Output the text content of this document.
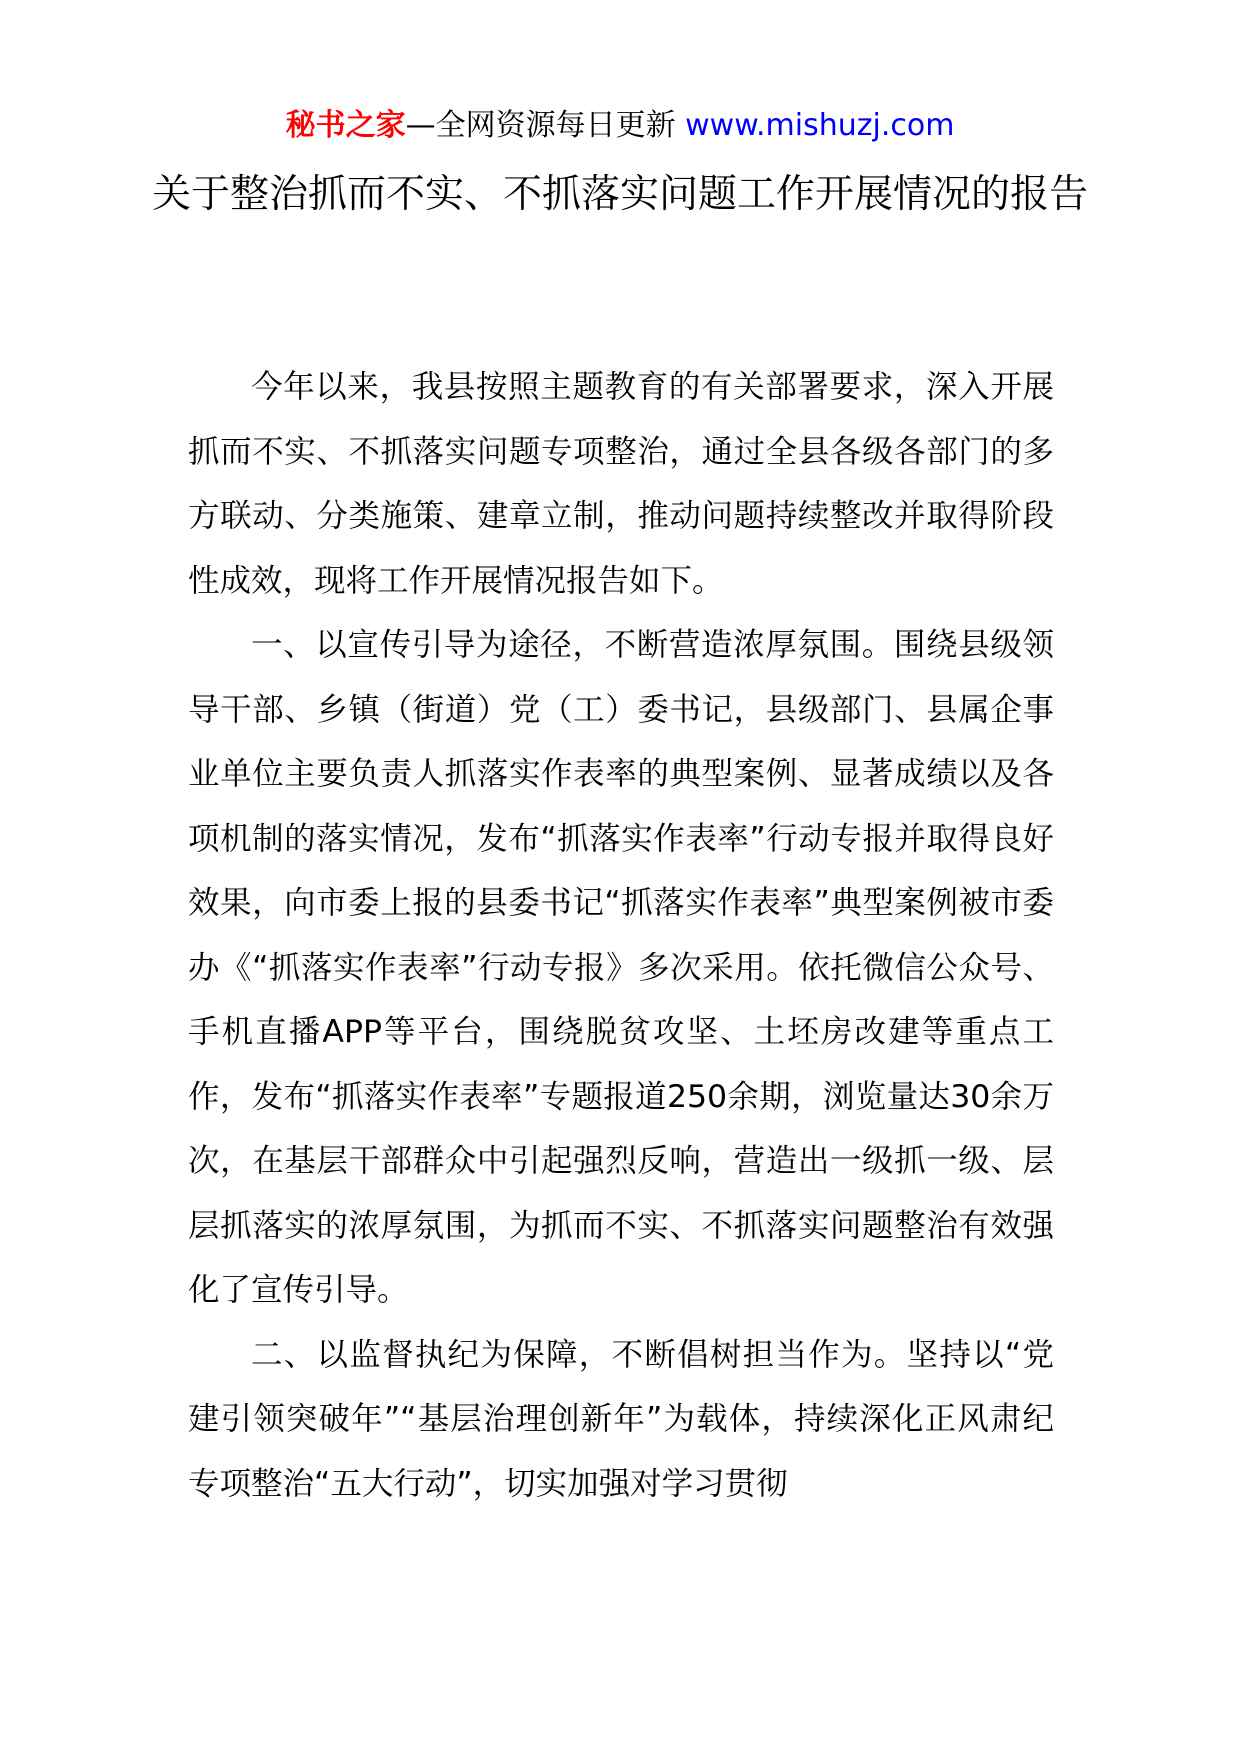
秘书之家—全网资源每日更新 www.mishuzj.com
关于整治抓而不实、不抓落实问题工作开展情况的报告

今年以来，我县按照主题教育的有关部署要求，深入开展抓而不实、不抓落实问题专项整治，通过全县各级各部门的多方联动、分类施策、建章立制，推动问题持续整改并取得阶段性成效，现将工作开展情况报告如下。

一、以宣传引导为途径，不断营造浓厚氛围。围绕县级领导干部、乡镇（街道）党（工）委书记，县级部门、县属企事业单位主要负责人抓落实作表率的典型案例、显著成绩以及各项机制的落实情况，发布“抓落实作表率”行动专报并取得良好效果，向市委上报的县委书记“抓落实作表率”典型案例被市委办《“抓落实作表率”行动专报》多次采用。依托微信公众号、手机直播APP等平台，围绕脱贫攻坚、土坯房改建等重点工作，发布“抓落实作表率”专题报道250余期，浏览量达30余万次，在基层干部群众中引起强烈反响，营造出一级抓一级、层层抓落实的浓厚氛围，为抓而不实、不抓落实问题整治有效强化了宣传引导。

二、以监督执纪为保障，不断倡树担当作为。坚持以“党建引领突破年”“基层治理创新年”为载体，持续深化正风肃纪专项整治“五大行动”，切实加强对学习贯彻
